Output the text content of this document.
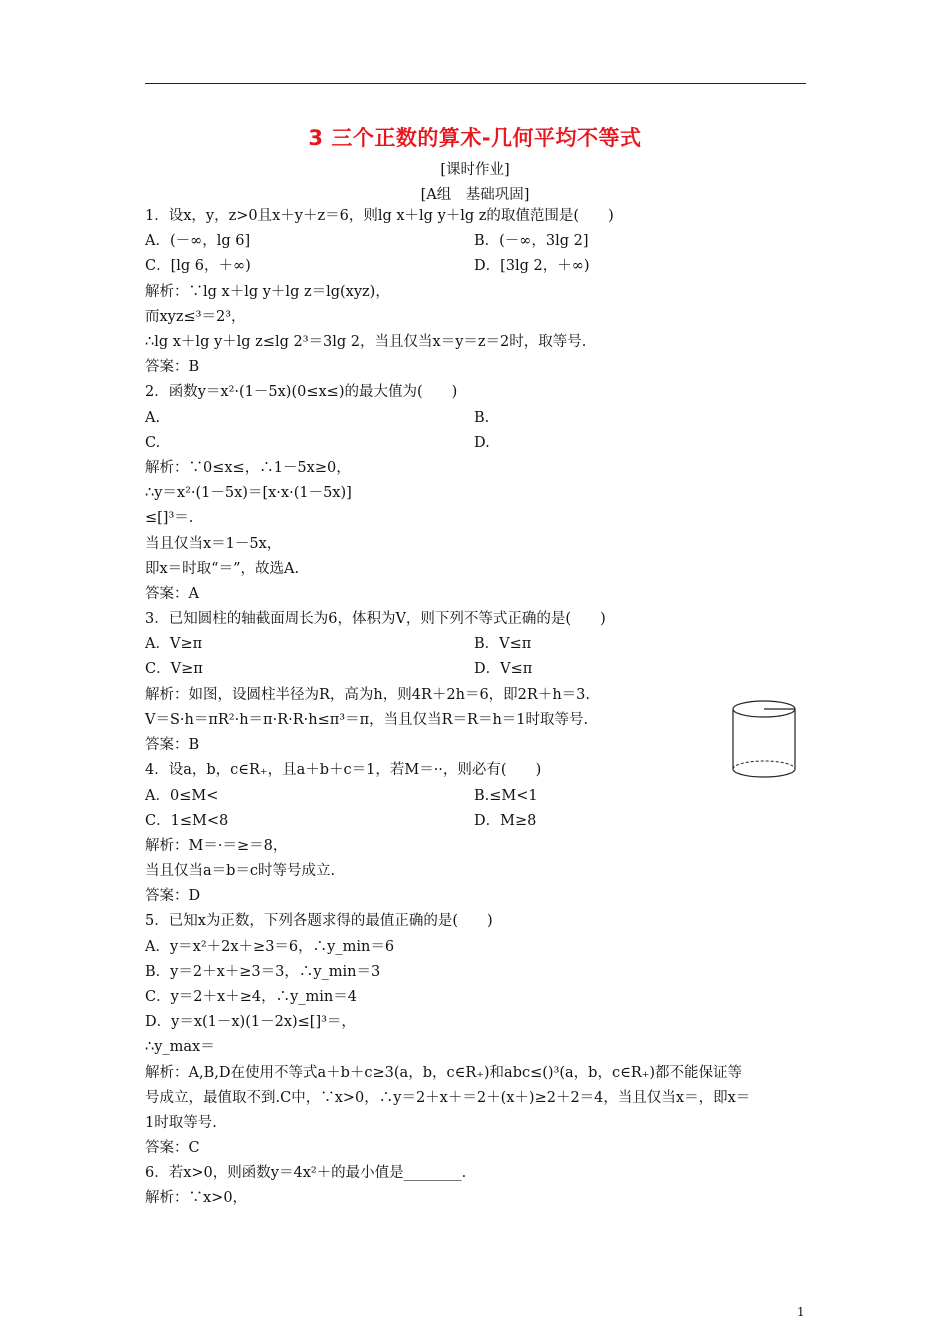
3 三个正数的算术-几何平均不等式
[课时作业]
[A组　基础巩固]
1．设x，y，z>0且x＋y＋z＝6，则lg x＋lg y＋lg z的取值范围是(　　)
A．(－∞，lg 6]
C．[lg 6，＋∞)
解析：∵lg x＋lg y＋lg z＝lg(xyz)，
而xyz≤³＝2³，
∴lg x＋lg y＋lg z≤lg 2³＝3lg 2，当且仅当x＝y＝z＝2时，取等号.
答案：B
2．函数y＝x²·(1－5x)(0≤x≤)的最大值为(　　)
A.
C.
解析：∵0≤x≤，∴1－5x≥0，
∴y＝x²·(1－5x)＝[x·x·(1－5x)]
≤[]³＝.
当且仅当x＝1－5x，
即x＝时取“＝”，故选A.
答案：A
3．已知圆柱的轴截面周长为6，体积为V，则下列不等式正确的是(　　)
A．V≥π
C．V≥π
解析：如图，设圆柱半径为R，高为h，则4R＋2h＝6，即2R＋h＝3.
V＝S·h＝πR²·h＝π·R·R·h≤π³＝π，当且仅当R＝R＝h＝1时取等号.
答案：B
4．设a，b，c∈R₊，且a＋b＋c＝1，若M＝··，则必有(　　)
A．0≤M<
C．1≤M<8
解析：M＝·＝≥＝8，
当且仅当a＝b＝c时等号成立.
答案：D
5．已知x为正数，下列各题求得的最值正确的是(　　)
A．y＝x²＋2x＋≥3＝6，∴y_min＝6
B．y＝2＋x＋≥3＝3，∴y_min＝3
C．y＝2＋x＋≥4，∴y_min＝4
D．y＝x(1－x)(1－2x)≤[]³＝，
∴y_max＝
解析：A,B,D在使用不等式a＋b＋c≥3(a，b，c∈R₊)和abc≤()³(a，b，c∈R₊)都不能保证等
号成立，最值取不到.C中，∵x>0，∴y＝2＋x＋＝2＋(x＋)≥2＋2＝4，当且仅当x＝，即x＝
1时取等号.
答案：C
6．若x>0，则函数y＝4x²＋的最小值是________.
解析：∵x>0，
B．(－∞，3lg 2]
D．[3lg 2，＋∞)
B.
D.
B．V≤π
D．V≤π
B.≤M<1
D．M≥8
1
